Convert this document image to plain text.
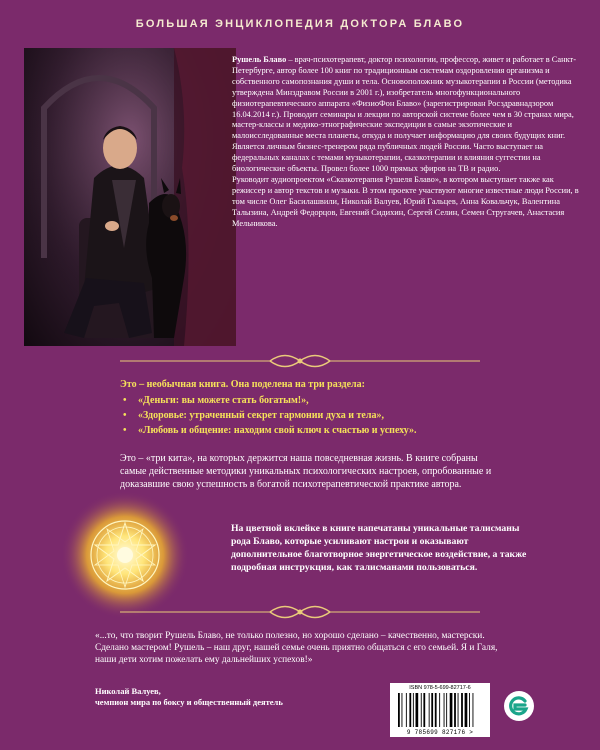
БОЛЬШАЯ ЭНЦИКЛОПЕДИЯ ДОКТОРА БЛАВО
Рушель Блаво – врач-психотерапевт, доктор психологии, профессор, живет и работает в Санкт-Петербурге, автор более 100 книг по традиционным системам оздоровления организма и собственного самопознания души и тела. Основоположник музыкотерапии в России (методика утверждена Минздравом России в 2001 г.), изобретатель многофункционального физиотерапевтического аппарата «ФизиоФон Блаво» (зарегистрирован Росздравнадзором 16.04.2014 г.). Проводит семинары и лекции по авторской системе более чем в 30 странах мира, мастер-классы и медико-этнографические экспедиции в самые экзотические и малоисследованные места планеты, откуда и получает информацию для своих будущих книг. Является личным бизнес-тренером ряда публичных людей России. Часто выступает на федеральных каналах с темами музыкотерапии, сказкотерапии и влияния суггестии на биологические объекты. Провел более 1000 прямых эфиров на ТВ и радио.
Руководит аудиопроектом «Сказкотерапия Рушеля Блаво», в котором выступает также как режиссер и автор текстов и музыки. В этом проекте участвуют многие известные люди России, в том числе Олег Басилашвили, Николай Валуев, Юрий Гальцев, Анна Ковальчук, Валентина Талызина, Андрей Федорцов, Евгений Сидихин, Сергей Селин, Семен Стругачев, Анастасия Мельникова.
Это – необычная книга. Она поделена на три раздела:
• «Деньги: вы можете стать богатым!»,
• «Здоровье: утраченный секрет гармонии духа и тела»,
• «Любовь и общение: находим свой ключ к счастью и успеху».
Это – «три кита», на которых держится наша повседневная жизнь. В книге собраны самые действенные методики уникальных психологических настроев, опробованные и доказавшие свою успешность в богатой психотерапевтической практике автора.
На цветной вклейке в книге напечатаны уникальные талисманы рода Блаво, которые усиливают настрои и оказывают дополнительное благотворное энергетическое воздействие, а также подробная инструкция, как талисманами пользоваться.
«...то, что творит Рушель Блаво, не только полезно, но хорошо сделано – качественно, мастерски. Сделано мастером! Рушель – наш друг, нашей семье очень приятно общаться с его семьей. Я и Галя, наши дети хотим пожелать ему дальнейших успехов!»
Николай Валуев,
чемпион мира по боксу и общественный деятель
ISBN 978-5-699-82717-6
9 785699 827176 >
